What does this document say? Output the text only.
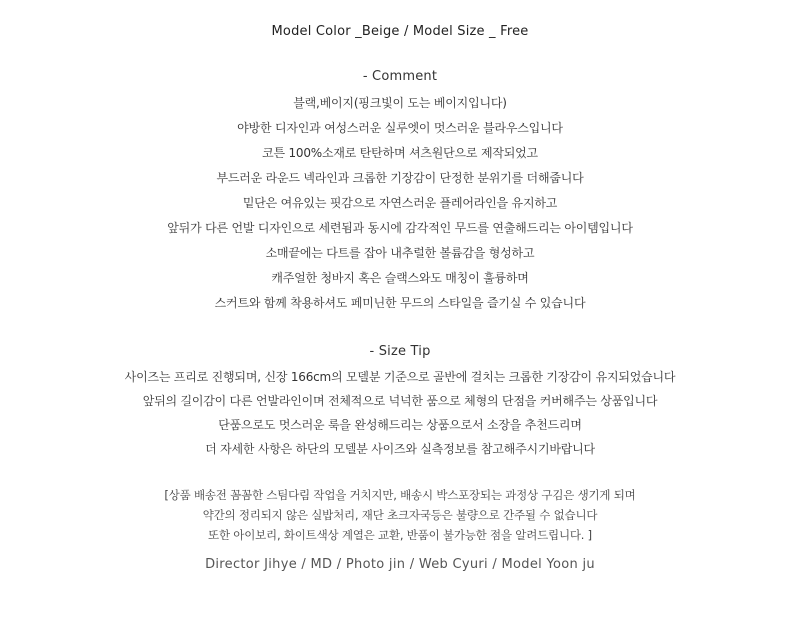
Model Color _Beige / Model Size _ Free
- Comment
블랙,베이지(핑크빛이 도는 베이지입니다)
야방한 디자인과 여성스러운 실루엣이 멋스러운 블라우스입니다
코튼 100%소재로 탄탄하며 셔츠원단으로 제작되었고
부드러운 라운드 넥라인과 크롭한 기장감이 단정한 분위기를 더해줍니다
밑단은 여유있는 핏감으로 자연스러운 플레어라인을 유지하고
앞뒤가 다른 언발 디자인으로 세련됨과 동시에 감각적인 무드를 연출해드리는 아이템입니다
소매끝에는 다트를 잡아 내추럴한 볼륨감을 형성하고
캐주얼한 청바지 혹은 슬랙스와도 매칭이 훌륭하며
스커트와 함께 착용하셔도 페미닌한 무드의 스타일을 즐기실 수 있습니다
- Size Tip
사이즈는 프리로 진행되며, 신장 166cm의 모델분 기준으로 골반에 걸치는 크롭한 기장감이 유지되었습니다
앞뒤의 길이감이 다른 언발라인이며 전체적으로 넉넉한 품으로 체형의 단점을 커버해주는 상품입니다
단품으로도 멋스러운 룩을 완성해드리는 상품으로서 소장을 추천드리며
더 자세한 사항은 하단의 모델분 사이즈와 실측정보를 참고해주시기바랍니다
[상품 배송전 꼼꼼한 스팀다림 작업을 거치지만, 배송시 박스포장되는 과정상 구김은 생기게 되며
약간의 정리되지 않은 실밥처리, 재단 초크자국등은 불량으로 간주될 수 없습니다
또한 아이보리, 화이트색상 계열은 교환, 반품이 불가능한 점을 알려드립니다. ]
Director Jihye / MD / Photo jin / Web Cyuri / Model Yoon ju
